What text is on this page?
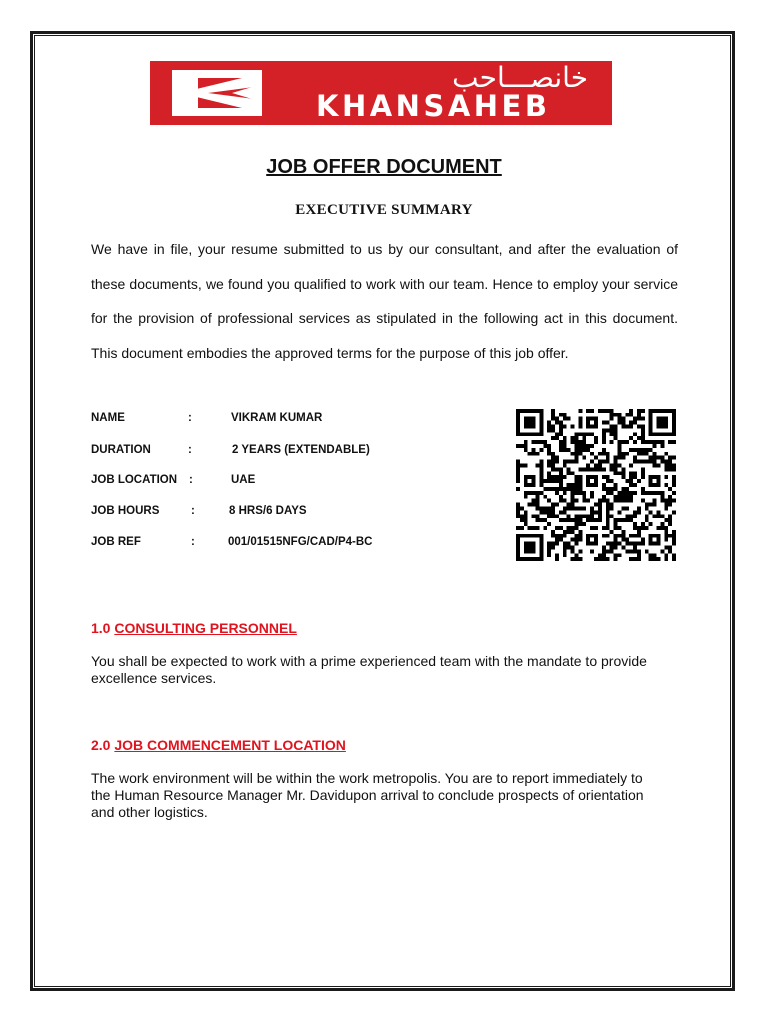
خانصـــاحب
KHANSAHEB
JOB OFFER DOCUMENT
EXECUTIVE SUMMARY
We have in file, your resume submitted to us by our consultant, and after the evaluation of these documents, we found you qualified to work with our team. Hence to employ your service for the provision of professional services as stipulated in the following act in this document. This document embodies the approved terms for the purpose of this job offer.
NAME	:	VIKRAM KUMAR
DURATION	:	2 YEARS (EXTENDABLE)
JOB LOCATION :	UAE
JOB HOURS	:	8 HRS/6 DAYS
JOB REF	:	001/01515NFG/CAD/P4-BC
1.0 CONSULTING PERSONNEL
You shall be expected to work with a prime experienced team with the mandate to provide excellence services.
2.0 JOB COMMENCEMENT LOCATION
The work environment will be within the work metropolis. You are to report immediately to the Human Resource Manager Mr. Davidupon arrival to conclude prospects of orientation and other logistics.
